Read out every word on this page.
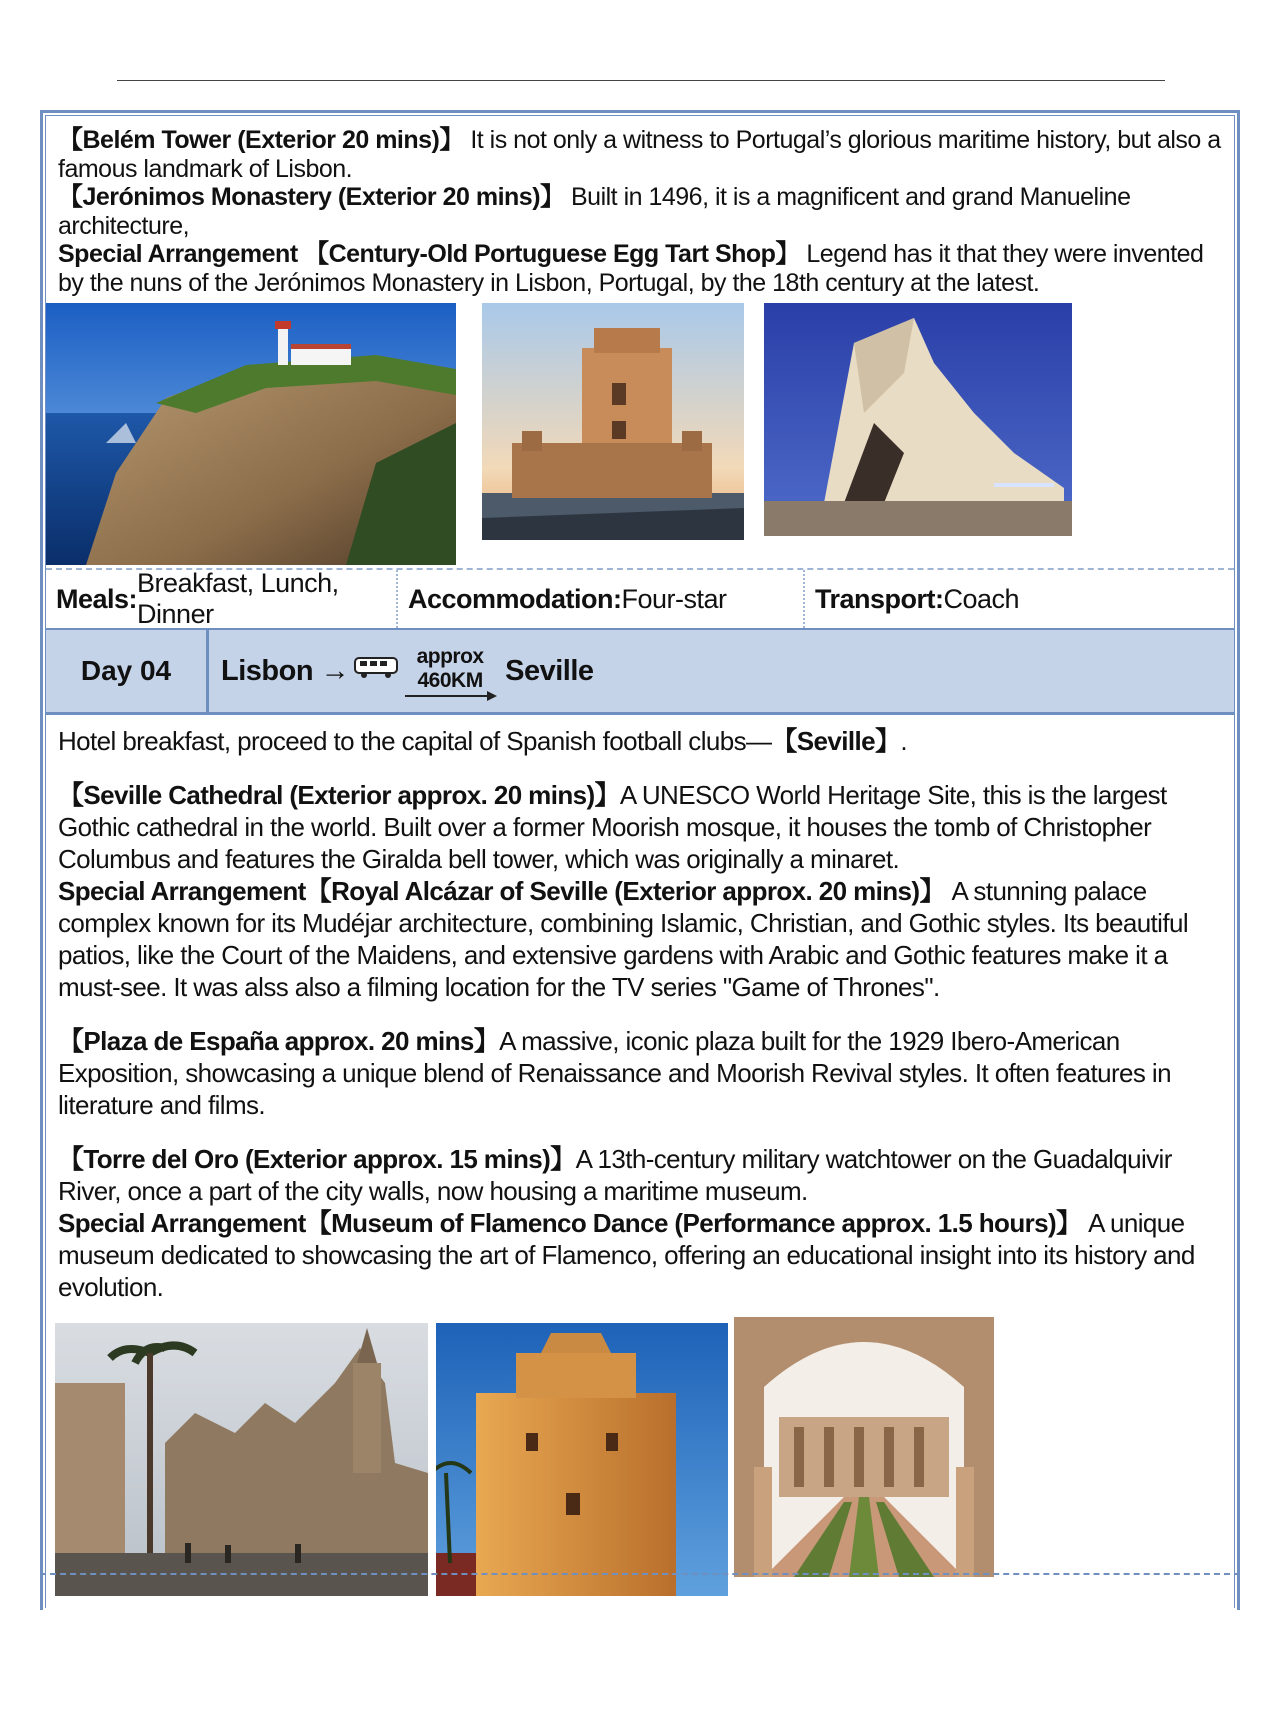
【Belém Tower (Exterior 20 mins)】 It is not only a witness to Portugal’s glorious maritime history, but also a famous landmark of Lisbon.

【Jerónimos Monastery (Exterior 20 mins)】 Built in 1496, it is a magnificent and grand Manueline architecture,

Special Arrangement 【Century-Old Portuguese Egg Tart Shop】 Legend has it that they were invented by the nuns of the Jerónimos Monastery in Lisbon, Portugal, by the 18th century at the latest.

Meals:
Breakfast, Lunch, Dinner
Accommodation: Four-star	Transport: Coach
Day 04	Lisbon →	approx
460KM Seville

Hotel breakfast, proceed to the capital of Spanish football clubs—【Seville】.

【Seville Cathedral (Exterior approx. 20 mins)】A UNESCO World Heritage Site, this is the largest Gothic cathedral in the world. Built over a former Moorish mosque, it houses the tomb of Christopher Columbus and features the Giralda bell tower, which was originally a minaret.

Special Arrangement【Royal Alcázar of Seville (Exterior approx. 20 mins)】 A stunning palace complex known for its Mudéjar architecture, combining Islamic, Christian, and Gothic styles. Its beautiful patios, like the Court of the Maidens, and extensive gardens with Arabic and Gothic features make it a must-see. It was alss also a filming location for the TV series "Game of Thrones".

【Plaza de España approx. 20 mins】A massive, iconic plaza built for the 1929 Ibero-American Exposition, showcasing a unique blend of Renaissance and Moorish Revival styles. It often features in literature and films.

【Torre del Oro (Exterior approx. 15 mins)】A 13th-century military watchtower on the Guadalquivir River, once a part of the city walls, now housing a maritime museum.

Special Arrangement【Museum of Flamenco Dance (Performance approx. 1.5 hours)】 A unique museum dedicated to showcasing the art of Flamenco, offering an educational insight into its history and evolution.
